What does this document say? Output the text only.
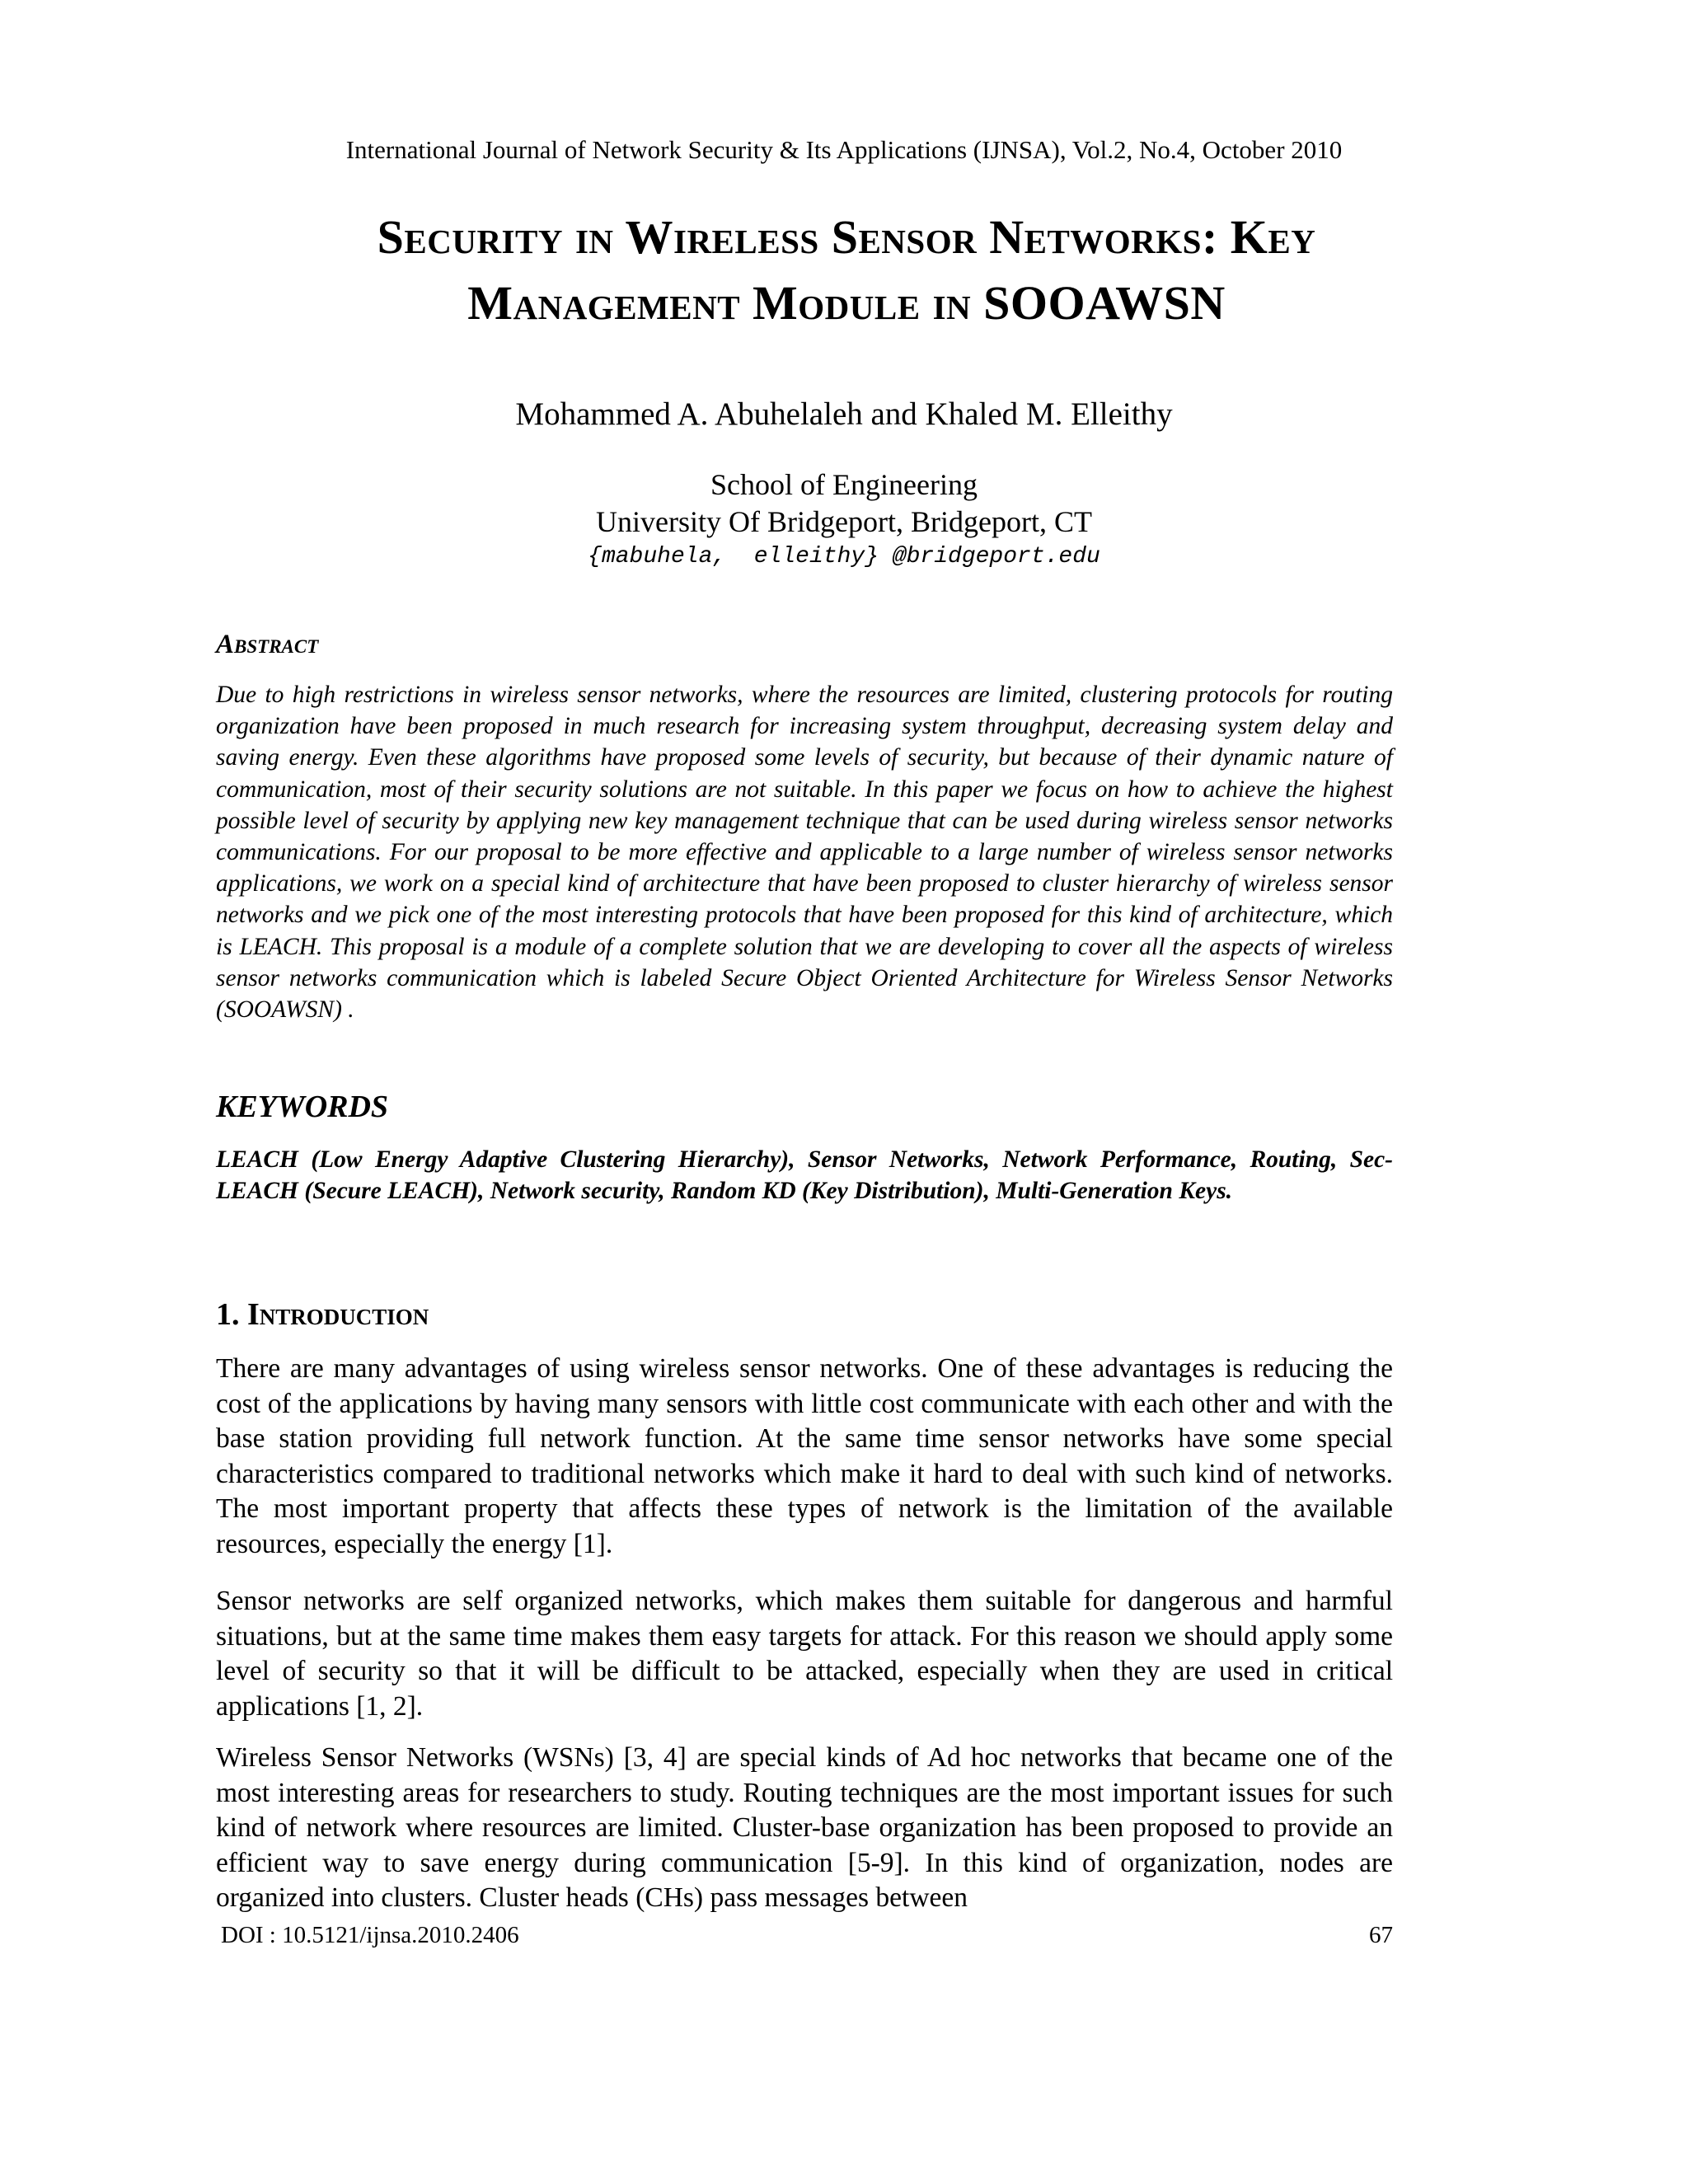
International Journal of Network Security & Its Applications (IJNSA), Vol.2, No.4, October 2010
Security in Wireless Sensor Networks: Key
Management Module in SOOAWSN
Mohammed A. Abuhelaleh and Khaled M. Elleithy
School of Engineering
University Of Bridgeport, Bridgeport, CT
{mabuhela,  elleithy} @bridgeport.edu
Abstract

Due to high restrictions in wireless sensor networks, where the resources are limited, clustering protocols for routing organization have been proposed in much research for increasing system throughput, decreasing system delay and saving energy. Even these algorithms have proposed some levels of security, but because of their dynamic nature of communication, most of their security solutions are not suitable. In this paper we focus on how to achieve the highest possible level of security by applying new key management technique that can be used during wireless sensor networks communications. For our proposal to be more effective and applicable to a large number of wireless sensor networks applications, we work on a special kind of architecture that have been proposed to cluster hierarchy of wireless sensor networks and we pick one of the most interesting protocols that have been proposed for this kind of architecture, which is LEACH. This proposal is a module of a complete solution that we are developing to cover all the aspects of wireless sensor networks communication which is labeled Secure Object Oriented Architecture for Wireless Sensor Networks (SOOAWSN) .

KEYWORDS

LEACH (Low Energy Adaptive Clustering Hierarchy), Sensor Networks, Network Performance, Routing, Sec-LEACH (Secure LEACH), Network security, Random KD (Key Distribution), Multi-Generation Keys.

1. Introduction

There are many advantages of using wireless sensor networks. One of these advantages is reducing the cost of the applications by having many sensors with little cost communicate with each other and with the base station providing full network function. At the same time sensor networks have some special characteristics compared to traditional networks which make it hard to deal with such kind of networks. The most important property that affects these types of network is the limitation of the available resources, especially the energy [1].

Sensor networks are self organized networks, which makes them suitable for dangerous and harmful situations, but at the same time makes them easy targets for attack. For this reason we should apply some level of security so that it will be difficult to be attacked, especially when they are used in critical applications [1, 2].

Wireless Sensor Networks (WSNs) [3, 4] are special kinds of Ad hoc networks that became one of the most interesting areas for researchers to study. Routing techniques are the most important issues for such kind of network where resources are limited. Cluster-base organization has been proposed to provide an efficient way to save energy during communication [5-9]. In this kind of organization, nodes are organized into clusters. Cluster heads (CHs) pass messages between

DOI : 10.5121/ijnsa.2010.2406	67
